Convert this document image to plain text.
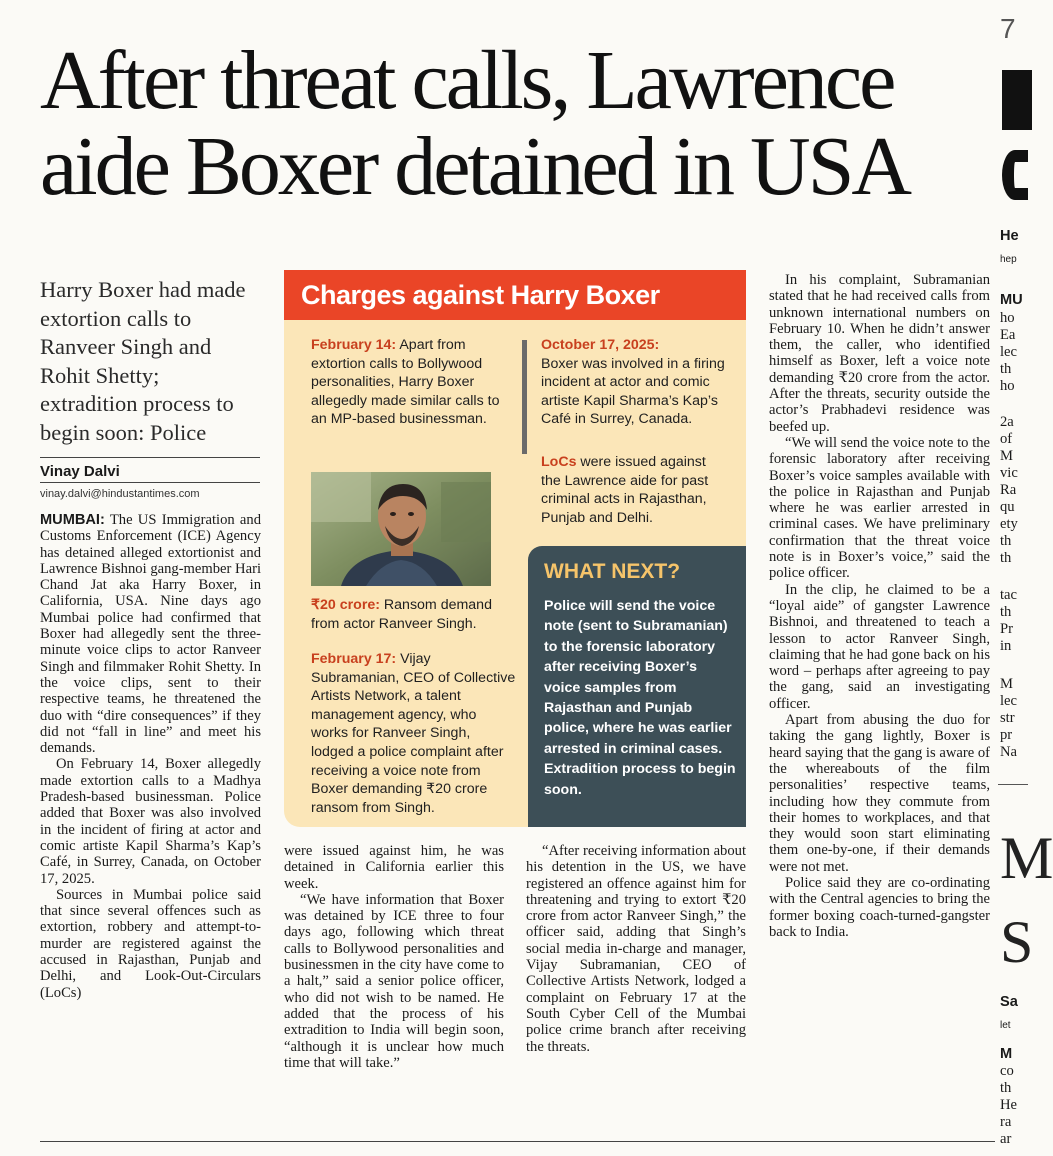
After threat calls, Lawrence aide Boxer detained in USA

Harry Boxer had made extortion calls to Ranveer Singh and Rohit Shetty; extradition process to begin soon: Police

Vinay Dalvi
vinay.dalvi@hindustantimes.com

MUMBAI: The US Immigration and Customs Enforcement (ICE) Agency has detained alleged extortionist and Lawrence Bishnoi gang-member Hari Chand Jat aka Harry Boxer, in California, USA. Nine days ago Mumbai police had confirmed that Boxer had allegedly sent the three-minute voice clips to actor Ranveer Singh and filmmaker Rohit Shetty. In the voice clips, sent to their respective teams, he threatened the duo with “dire consequences” if they did not “fall in line” and meet his demands.

On February 14, Boxer allegedly made extortion calls to a Madhya Pradesh-based businessman. Police added that Boxer was also involved in the incident of firing at actor and comic artiste Kapil Sharma’s Kap’s Café, in Surrey, Canada, on October 17, 2025.

Sources in Mumbai police said that since several offences such as extortion, robbery and attempt-to-murder are registered against the accused in Rajasthan, Punjab and Delhi, and Look-Out-Circulars (LoCs)

Charges against Harry Boxer
February 14: Apart from extortion calls to Bollywood personalities, Harry Boxer allegedly made similar calls to an MP-based businessman.
October 17, 2025:
Boxer was involved in a firing incident at actor and comic artiste Kapil Sharma’s Kap’s Café in Surrey, Canada.
LoCs were issued against the Lawrence aide for past criminal acts in Rajasthan, Punjab and Delhi.
₹20 crore: Ransom demand from actor Ranveer Singh.
February 17: Vijay Subramanian, CEO of Collective Artists Network, a talent management agency, who works for Ranveer Singh, lodged a police complaint after receiving a voice note from Boxer demanding ₹20 crore ransom from Singh.
WHAT NEXT?
Police will send the voice note (sent to Subramanian) to the forensic laboratory after receiving Boxer’s voice samples from Rajasthan and Punjab police, where he was earlier arrested in criminal cases. Extradition process to begin soon.

were issued against him, he was detained in California earlier this week.

“We have information that Boxer was detained by ICE three to four days ago, following which threat calls to Bollywood personalities and businessmen in the city have come to a halt,” said a senior police officer, who did not wish to be named. He added that the process of his extradition to India will begin soon, “although it is unclear how much time that will take.”

“After receiving information about his detention in the US, we have registered an offence against him for threatening and trying to extort ₹20 crore from actor Ranveer Singh,” the officer said, adding that Singh’s social media in-charge and manager, Vijay Subramanian, CEO of Collective Artists Network, lodged a complaint on February 17 at the South Cyber Cell of the Mumbai police crime branch after receiving the threats.

In his complaint, Subramanian stated that he had received calls from unknown international numbers on February 10. When he didn’t answer them, the caller, who identified himself as Boxer, left a voice note demanding ₹20 crore from the actor. After the threats, security outside the actor’s Prabhadevi residence was beefed up.

“We will send the voice note to the forensic laboratory after receiving Boxer’s voice samples available with the police in Rajasthan and Punjab where he was earlier arrested in criminal cases. We have preliminary confirmation that the threat voice note is in Boxer’s voice,” said the police officer.

In the clip, he claimed to be a “loyal aide” of gangster Lawrence Bishnoi, and threatened to teach a lesson to actor Ranveer Singh, claiming that he had gone back on his word – perhaps after agreeing to pay the gang, said an investigating officer.

Apart from abusing the duo for taking the gang lightly, Boxer is heard saying that the gang is aware of the whereabouts of the film personalities’ respective teams, including how they commute from their homes to workplaces, and that they would soon start eliminating them one-by-one, if their demands were not met.

Police said they are co-ordinating with the Central agencies to bring the former boxing coach-turned-gangster back to India.

7
He
hep
MU
ho
Ea
lec
th
ho
2a
of
M
vic
Ra
qu
ety
th
th
tac
th
Pr
in
M
lec
str
pr
Na
M
S
Sa
let
M
co
th
He
ra
ar
